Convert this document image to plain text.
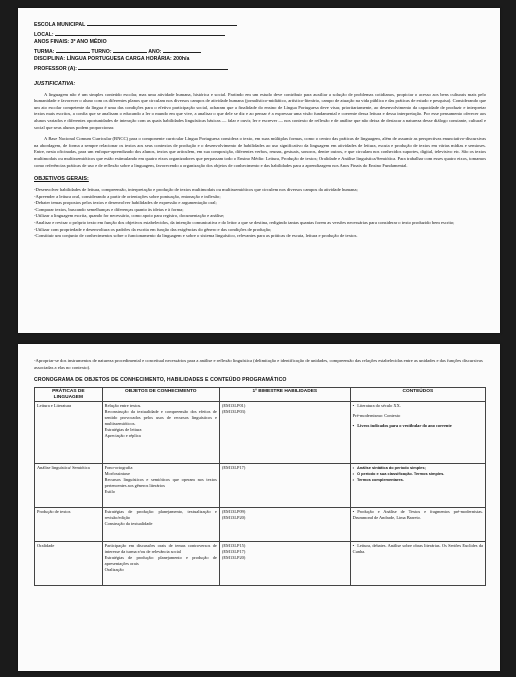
ESCOLA MUNICIPAL
LOCAL:
ANOS FINAIS: 3º ANO MÉDIO
TURMA:	TURNO:	ANO:
DISCIPLINA: LÍNGUA PORTUGUESA CARGA HORÁRIA: 200h/a
PROFESSOR (A):
JUSTIFICATIVA:

A linguagem não é um simples conteúdo escolar, mas uma atividade humana, histórica e social. Partindo em um estudo deve contribuir para auxiliar a solução de problemas cotidianos, propiciar o acesso aos bens culturais mais pelo humanidade e favorecer o aluno com os diferentes planos que circulam nos diversos campos de atividade humana (jornalístico-midiático, artístico-literário, campo de atuação na vida pública e das práticas de estudo e pesquisa). Considerando que um ato escolar competente da língua é uma das condições para o efetivo participação social, acharam que a finalidade do ensino de Língua Portuguesa deve visar, prioritariamente, ao desenvolvimento da capacidade de produzir e interpretar textos mais escritos, a confia que se analisam o educando a ler o mundo em que vive, a analisar o que dele se diz e ao pensar é a expressar uma visão fundamental e coerente dessa leitura e dessa interpretação. Por esse pensamento oferecer aos alunos variados e diferentes oportunidades de interação com as quais habilidades linguísticas básicas — falar e ouvir, ler e escrever — nos contexto de reflexão e de análise que não deixa de destacar a natureza desse diálogo constante, cultural e social que seus alunos podem proporcionar.

A Base Nacional Comum Curricular (BNCC) para o componente curricular Língua Portuguesa considera o texto, em suas múltiplas formas, como o centro das práticas de linguagem, além de assumir as perspectivas enunciativo-discursivas na abordagem, de forma a sempre relacionar os textos aos seus contextos de produção e o desenvolvimento de habilidades ao uso significativo da linguagem em atividades de leitura, escuta e produção de textos em várias mídias e semioses. Entre, nesta oficinadas, para um enfoque-aprendizado dos alunos, textos que articulem, em sua composição, diferentes verbos, reunas, gestuais, sonoros, dentre outros, e que circulam nos conhecidos suportes, digital, televisivo etc. São os textos multimodais ou multissemióticos que estão estimulando em quatro eixos organizadores que perpassam todo o Ensino Médio: Leitura, Produção de textos; Oralidade e Análise linguística/Semiótica. Para trabalhar com esses quatro eixos, tomamos como referências práticas de uso e de reflexão sobre a linguagem, favorecendo a organização dos objetos de conhecimento e das habilidades para a aprendizagem nos Anos Finais do Ensino Fundamental.

OBJETIVOS GERAIS:
-Desenvolver habilidades de leitura, compreensão, interpretação e produção de textos multimodais ou multissemióticos que circulem nos diversos campos da atividade humana;
-Apreender a leitura oral, considerando a partir de orientações sobre pontuação, entonação e inflexão;
-Debater temas propostos pelos textos e desenvolver habilidades de expressão e argumentação oral;
-Comparar textos, buscando semelhanças e diferenças quanto às ideias e à forma;
-Utilizar a linguagem escrita, quando for necessário, como apoio para registro, documentação e análise;
-Analisar e revisar o próprio texto em função dos objetivos estabelecidos, da intenção comunicativa e do leitor a que se destina, redigindo tantas quantas forem as versões necessárias para considerar o texto produzido bem escrito;
-Utilizar com propriedade e desenvoltura os padrões da escrita em função das exigências do gênero e das condições de produção;
-Constituir um conjunto de conhecimentos sobre o funcionamento da linguagem e sobre o sistema linguístico, relevantes para as práticas de escuta, leitura e produção de textos.
-Apropriar-se dos instrumentos de natureza procedimental e conceitual necessários para a análise e reflexão linguística (delimitação e identificação de unidades, compreensão das relações estabelecidas entre as unidades e das funções discursivas associadas a elas no contexto).
CRONOGRAMA DE OBJETOS DE CONHECIMENTO, HABILIDADES E CONTEÚDO PROGRAMÁTICO
PRÁTICAS DE LINGUAGEM	OBJETOS DE CONHECIMENTO	1º BIMESTRE HABILIDADES	CONTEÚDOS
Leitura e Literatura	Relação entre textos.
Reconstrução da textualidade e compreensão dos efeitos de sentido provocados pelos usos de recursos linguísticos e multissemióticos.
Estratégias de leitura
Apreciação e réplica	(EM13LP01)
(EM13LP03)	• Literatura do século XX.
Pré-modernismo: Contexto
• Livros indicados para o vestibular do ano corrente

Análise linguística/ Semiótica	Fono-ortografia
Morfossintaxe
Recursos linguísticos e semióticos que operam nos textos pertencentes aos gêneros literários
Estilo	(EM13LP17)	• Análise sintática do período simples;
• O período e sua classificação. Termos simples.
• Termos complementares.

Produção de textos	Estratégias de produção: planejamento, textualização e revisão/edição
Construção da textualidade	(EM13LP09)
(EM13LP20)	• Produção e Análise de Textos e fragmentos pré-modernistas. Drummond de Andrade, Lima Barreto.

Oralidade	Participação em discussões orais de temas controversos de interesse da turma e/ou de relevância social
Estratégias de produção: planejamento e produção de apresentações orais
Oralização	(EM13LP15)
(EM13LP17)
(EM13LP20)	• Leitura, debates. Análise sobre obras literárias. Os Sertões Euclides da Cunha.
